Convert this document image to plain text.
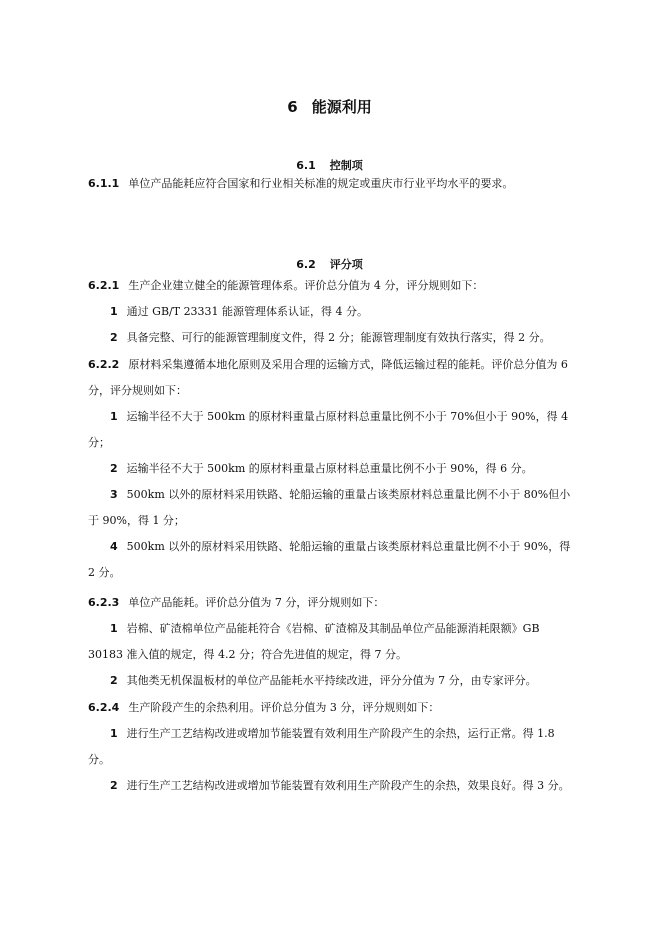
6 能源利用
6.1 控制项
6.1.1 单位产品能耗应符合国家和行业相关标准的规定或重庆市行业平均水平的要求。
6.2 评分项
6.2.1 生产企业建立健全的能源管理体系。评价总分值为 4 分，评分规则如下：
1 通过 GB/T 23331 能源管理体系认证，得 4 分。
2 具备完整、可行的能源管理制度文件，得 2 分；能源管理制度有效执行落实，得 2 分。
6.2.2 原材料采集遵循本地化原则及采用合理的运输方式，降低运输过程的能耗。评价总分值为 6 分，评分规则如下：
1 运输半径不大于 500km 的原材料重量占原材料总重量比例不小于 70%但小于 90%，得 4 分；
2 运输半径不大于 500km 的原材料重量占原材料总重量比例不小于 90%，得 6 分。
3 500km 以外的原材料采用铁路、轮船运输的重量占该类原材料总重量比例不小于 80%但小于 90%，得 1 分；
4 500km 以外的原材料采用铁路、轮船运输的重量占该类原材料总重量比例不小于 90%，得 2 分。
6.2.3 单位产品能耗。评价总分值为 7 分，评分规则如下：
1 岩棉、矿渣棉单位产品能耗符合《岩棉、矿渣棉及其制品单位产品能源消耗限额》GB 30183 准入值的规定，得 4.2 分；符合先进值的规定，得 7 分。
2 其他类无机保温板材的单位产品能耗水平持续改进，评分分值为 7 分，由专家评分。
6.2.4 生产阶段产生的余热利用。评价总分值为 3 分，评分规则如下：
1 进行生产工艺结构改进或增加节能装置有效利用生产阶段产生的余热，运行正常。得 1.8 分。
2 进行生产工艺结构改进或增加节能装置有效利用生产阶段产生的余热，效果良好。得 3 分。
